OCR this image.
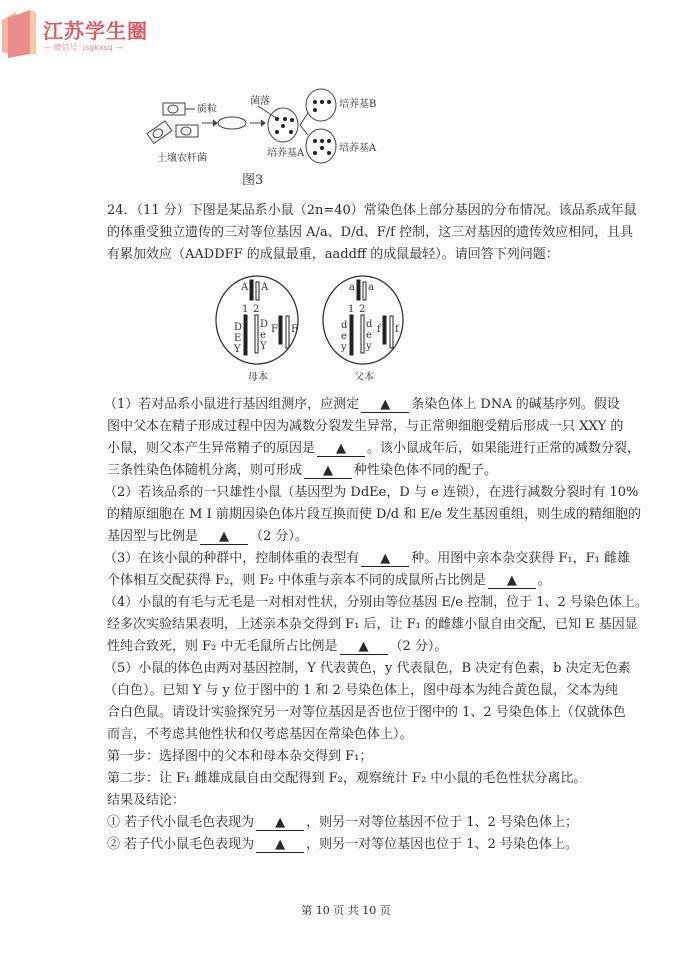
江苏学生圈
— 微信号: jsgkxsq —
质粒
土壤农杆菌
菌落
培养基A
培养基B
培养基A
图3
24．（11 分）下图是某品系小鼠（2n=40）常染色体上部分基因的分布情况。该品系成年鼠
的体重受独立遗传的三对等位基因 A/a、D/d、F/f 控制，这三对基因的遗传效应相同，且具
有累加效应（AADDFF 的成鼠最重，aaddff 的成鼠最轻）。请回答下列问题：
A A
1 2
D
E
Y
D
e
Y
F F
a a
1 2
d
e
y
d
e
y
f f
母本	父本
（1）若对品系小鼠进行基因组测序，应测定 ▲ 条染色体上 DNA 的碱基序列。假设
图中父本在精子形成过程中因为减数分裂发生异常，与正常卵细胞受精后形成一只 XXY 的
小鼠，则父本产生异常精子的原因是 ▲ 。该小鼠成年后，如果能进行正常的减数分裂，
三条性染色体随机分离，则可形成 ▲ 种性染色体不同的配子。
（2）若该品系的一只雄性小鼠（基因型为 DdEe，D 与 e 连锁），在进行减数分裂时有 10%
的精原细胞在 M I 前期因染色体片段互换而使 D/d 和 E/e 发生基因重组，则生成的精细胞的
基因型与比例是 ▲ （2 分）。
（3）在该小鼠的种群中，控制体重的表型有 ▲ 种。用图中亲本杂交获得 F₁，F₁ 雌雄
个体相互交配获得 F₂，则 F₂ 中体重与亲本不同的成鼠所占比例是 ▲ 。
（4）小鼠的有毛与无毛是一对相对性状，分别由等位基因 E/e 控制，位于 1、2 号染色体上。
经多次实验结果表明，上述亲本杂交得到 F₁ 后，让 F₁ 的雌雄小鼠自由交配，已知 E 基因显
性纯合致死，则 F₂ 中无毛鼠所占比例是 ▲ （2 分）。
（5）小鼠的体色由两对基因控制，Y 代表黄色，y 代表鼠色，B 决定有色素，b 决定无色素
（白色）。已知 Y 与 y 位于图中的 1 和 2 号染色体上，图中母本为纯合黄色鼠，父本为纯
合白色鼠。请设计实验探究另一对等位基因是否也位于图中的 1、2 号染色体上（仅就体色
而言，不考虑其他性状和仅考虑基因在常染色体上）。
第一步：选择图中的父本和母本杂交得到 F₁；
第二步：让 F₁ 雌雄成鼠自由交配得到 F₂，观察统计 F₂ 中小鼠的毛色性状分离比。
结果及结论：
① 若子代小鼠毛色表现为 ▲ ，则另一对等位基因不位于 1、2 号染色体上；
② 若子代小鼠毛色表现为 ▲ ，则另一对等位基因也位于 1、2 号染色体上。
第 10 页 共 10 页
